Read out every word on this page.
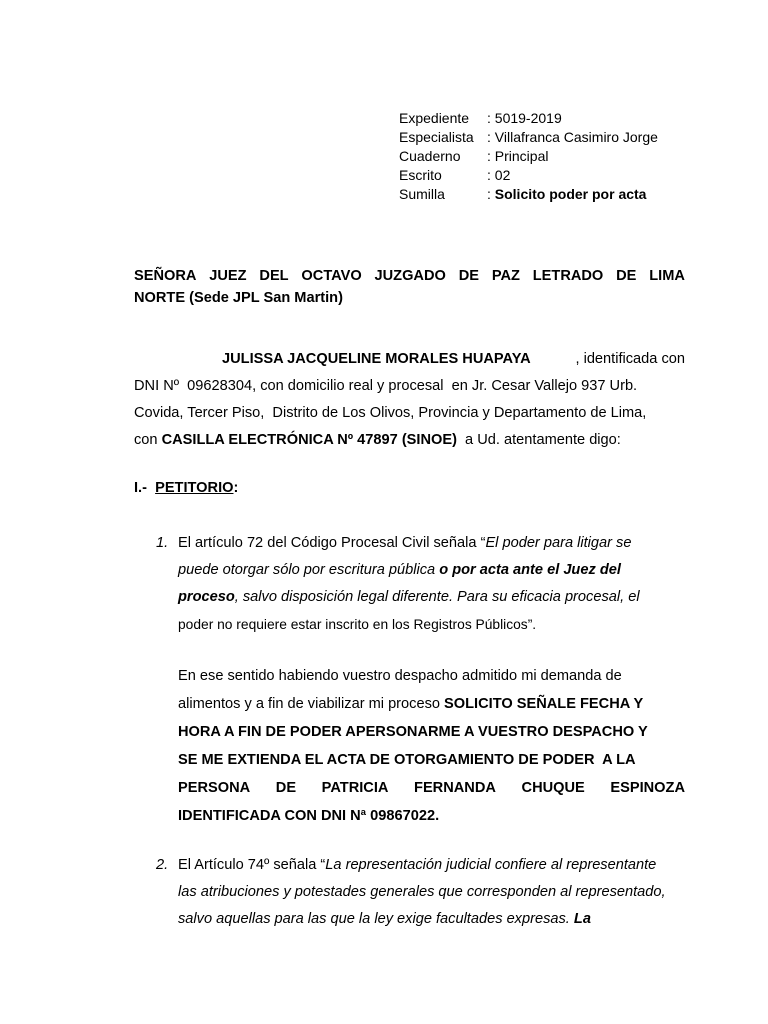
Expediente	: 5019-2019
Especialista : Villafranca Casimiro Jorge
Cuaderno	: Principal
Escrito	: 02
Sumilla	: Solicito poder por acta
SEÑORA JUEZ DEL OCTAVO JUZGADO DE PAZ LETRADO DE LIMA
NORTE (Sede JPL San Martin)
JULISSA JACQUELINE MORALES HUAPAYA	, identificada con
DNI Nº  09628304, con domicilio real y procesal  en Jr. Cesar Vallejo 937 Urb.
Covida, Tercer Piso,  Distrito de Los Olivos, Provincia y Departamento de Lima,
con CASILLA ELECTRÓNICA Nº 47897 (SINOE)  a Ud. atentamente digo:
I.-  PETITORIO:
1. El artículo 72 del Código Procesal Civil señala “El poder para litigar se
puede otorgar sólo por escritura pública o por acta ante el Juez del
proceso, salvo disposición legal diferente. Para su eficacia procesal, el
poder no requiere estar inscrito en los Registros Públicos”.
En ese sentido habiendo vuestro despacho admitido mi demanda de
alimentos y a fin de viabilizar mi proceso SOLICITO SEÑALE FECHA Y
HORA A FIN DE PODER APERSONARME A VUESTRO DESPACHO Y
SE ME EXTIENDA EL ACTA DE OTORGAMIENTO DE PODER  A LA
PERSONA DE PATRICIA FERNANDA CHUQUE ESPINOZA
IDENTIFICADA CON DNI Nª 09867022.
2. El Artículo 74º señala “La representación judicial confiere al representante
las atribuciones y potestades generales que corresponden al representado,
salvo aquellas para las que la ley exige facultades expresas. La
